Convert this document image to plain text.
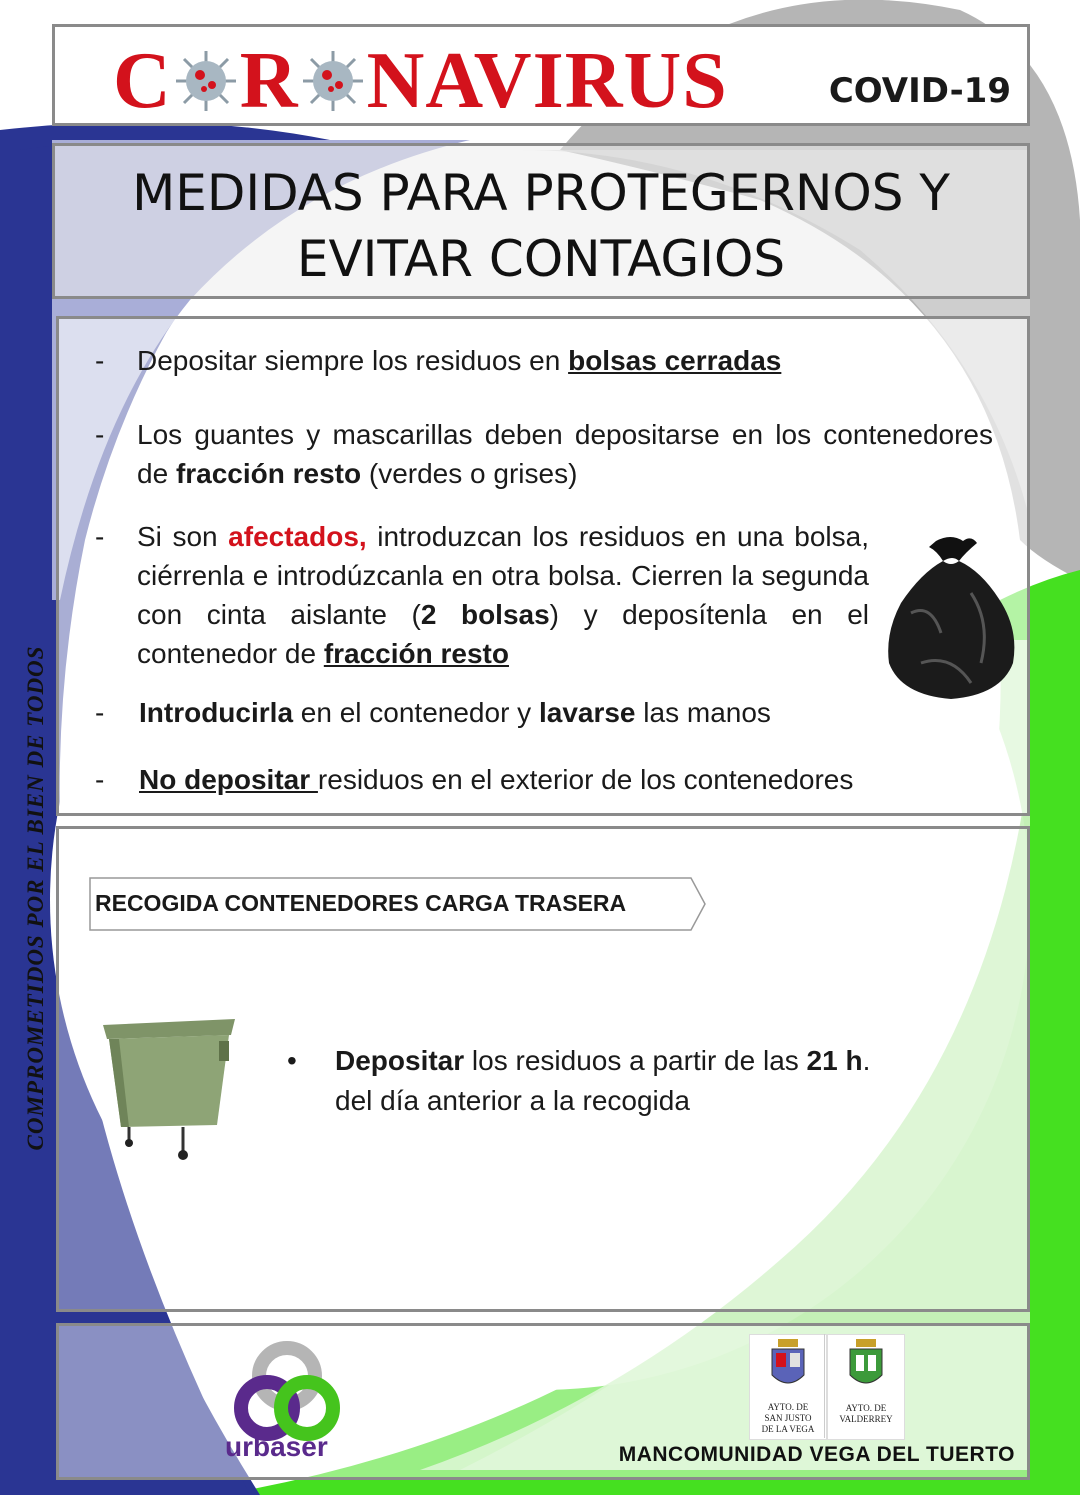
COMPROMETIDOS POR EL BIEN DE TODOS
C R NAVIRUS	COVID-19
MEDIDAS PARA PROTEGERNOS Y
EVITAR CONTAGIOS
- Depositar siempre los residuos en bolsas cerradas
- Los guantes y mascarillas deben depositarse en los contenedores de fracción resto (verdes o grises)
- Si son afectados, introduzcan los residuos en una bolsa, ciérrenla e introdúzcanla en otra bolsa. Cierren la segunda con cinta aislante (2 bolsas) y deposítenla en el contenedor de fracción resto
- Introducirla en el contenedor y lavarse las manos
- No depositar residuos en el exterior de los contenedores
RECOGIDA CONTENEDORES CARGA TRASERA
• Depositar los residuos a partir de las 21 h.
del día anterior a la recogida
urbaser
AYTO. DE
SAN JUSTO
DE LA VEGA
AYTO. DE
VALDERREY
MANCOMUNIDAD VEGA DEL TUERTO
